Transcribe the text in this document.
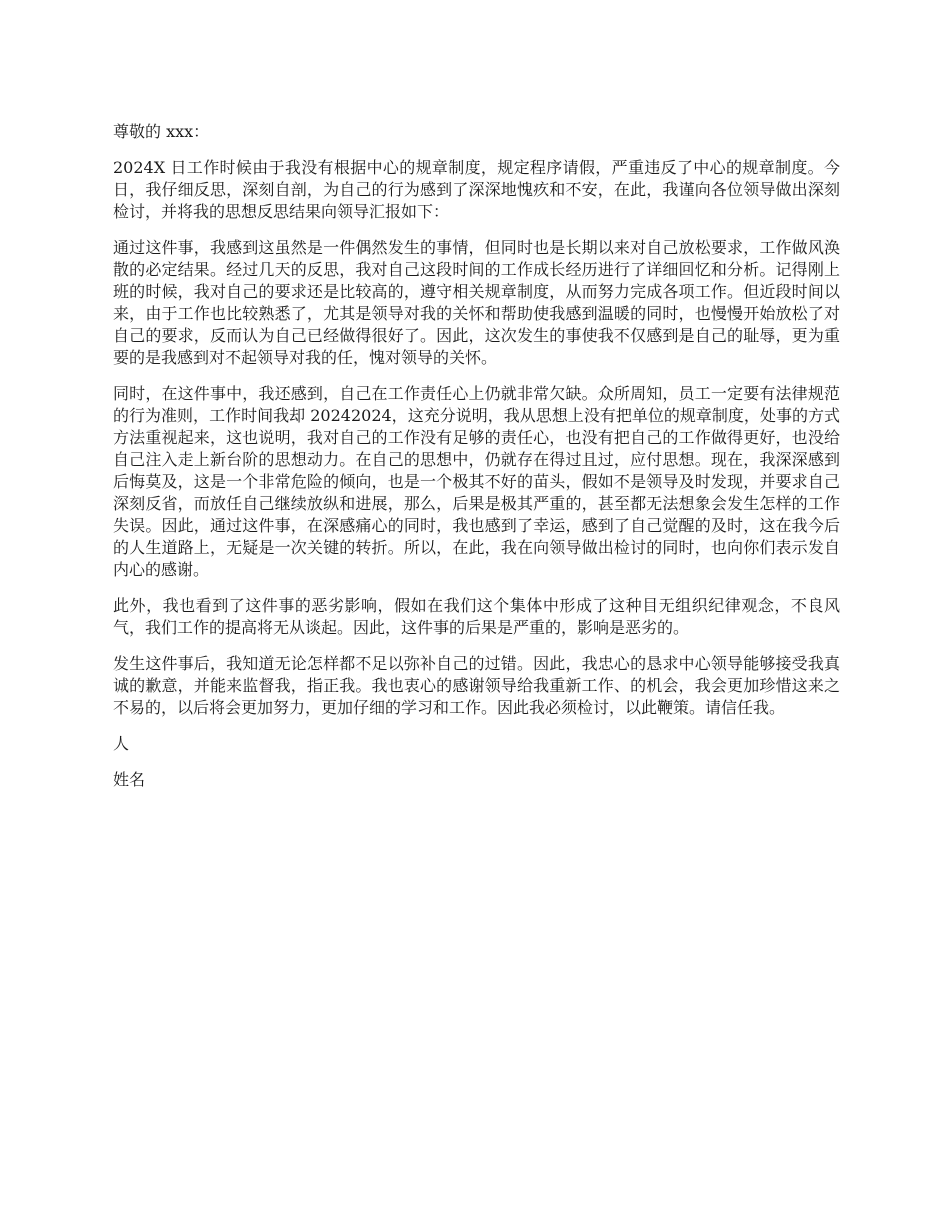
尊敬的 xxx：

2024X 日工作时候由于我没有根据中心的规章制度，规定程序请假，严重违反了中心的规章制度。今日，我仔细反思，深刻自剖，为自己的行为感到了深深地愧疚和不安，在此，我谨向各位领导做出深刻检讨，并将我的思想反思结果向领导汇报如下：

通过这件事，我感到这虽然是一件偶然发生的事情，但同时也是长期以来对自己放松要求，工作做风涣散的必定结果。经过几天的反思，我对自己这段时间的工作成长经历进行了详细回忆和分析。记得刚上班的时候，我对自己的要求还是比较高的，遵守相关规章制度，从而努力完成各项工作。但近段时间以来，由于工作也比较熟悉了，尤其是领导对我的关怀和帮助使我感到温暖的同时，也慢慢开始放松了对自己的要求，反而认为自己已经做得很好了。因此，这次发生的事使我不仅感到是自己的耻辱，更为重要的是我感到对不起领导对我的任，愧对领导的关怀。

同时，在这件事中，我还感到，自己在工作责任心上仍就非常欠缺。众所周知，员工一定要有法律规范的行为准则，工作时间我却 20242024，这充分说明，我从思想上没有把单位的规章制度，处事的方式方法重视起来，这也说明，我对自己的工作没有足够的责任心，也没有把自己的工作做得更好，也没给自己注入走上新台阶的思想动力。在自己的思想中，仍就存在得过且过，应付思想。现在，我深深感到后悔莫及，这是一个非常危险的倾向，也是一个极其不好的苗头，假如不是领导及时发现，并要求自己深刻反省，而放任自己继续放纵和进展，那么，后果是极其严重的，甚至都无法想象会发生怎样的工作失误。因此，通过这件事，在深感痛心的同时，我也感到了幸运，感到了自己觉醒的及时，这在我今后的人生道路上，无疑是一次关键的转折。所以，在此，我在向领导做出检讨的同时，也向你们表示发自内心的感谢。

此外，我也看到了这件事的恶劣影响，假如在我们这个集体中形成了这种目无组织纪律观念，不良风气，我们工作的提高将无从谈起。因此，这件事的后果是严重的，影响是恶劣的。

发生这件事后，我知道无论怎样都不足以弥补自己的过错。因此，我忠心的恳求中心领导能够接受我真诚的歉意，并能来监督我，指正我。我也衷心的感谢领导给我重新工作、的机会，我会更加珍惜这来之不易的，以后将会更加努力，更加仔细的学习和工作。因此我必须检讨，以此鞭策。请信任我。

人

姓名
